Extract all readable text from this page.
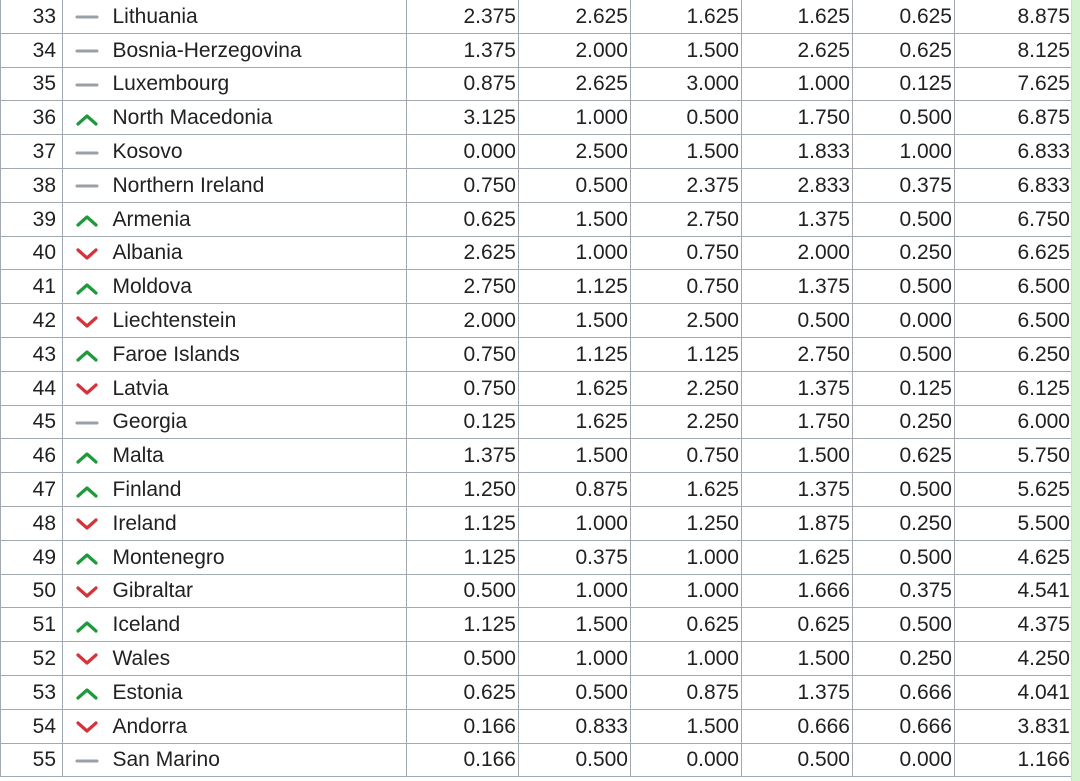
33		Lithuania	2.375	2.625	1.625	1.625	0.625	8.875
34		Bosnia-Herzegovina	1.375	2.000	1.500	2.625	0.625	8.125
35		Luxembourg	0.875	2.625	3.000	1.000	0.125	7.625
36		North Macedonia	3.125	1.000	0.500	1.750	0.500	6.875
37		Kosovo	0.000	2.500	1.500	1.833	1.000	6.833
38		Northern Ireland	0.750	0.500	2.375	2.833	0.375	6.833
39		Armenia	0.625	1.500	2.750	1.375	0.500	6.750
40		Albania	2.625	1.000	0.750	2.000	0.250	6.625
41		Moldova	2.750	1.125	0.750	1.375	0.500	6.500
42		Liechtenstein	2.000	1.500	2.500	0.500	0.000	6.500
43		Faroe Islands	0.750	1.125	1.125	2.750	0.500	6.250
44		Latvia	0.750	1.625	2.250	1.375	0.125	6.125
45		Georgia	0.125	1.625	2.250	1.750	0.250	6.000
46		Malta	1.375	1.500	0.750	1.500	0.625	5.750
47		Finland	1.250	0.875	1.625	1.375	0.500	5.625
48		Ireland	1.125	1.000	1.250	1.875	0.250	5.500
49		Montenegro	1.125	0.375	1.000	1.625	0.500	4.625
50		Gibraltar	0.500	1.000	1.000	1.666	0.375	4.541
51		Iceland	1.125	1.500	0.625	0.625	0.500	4.375
52		Wales	0.500	1.000	1.000	1.500	0.250	4.250
53		Estonia	0.625	0.500	0.875	1.375	0.666	4.041
54		Andorra	0.166	0.833	1.500	0.666	0.666	3.831
55		San Marino	0.166	0.500	0.000	0.500	0.000	1.166
